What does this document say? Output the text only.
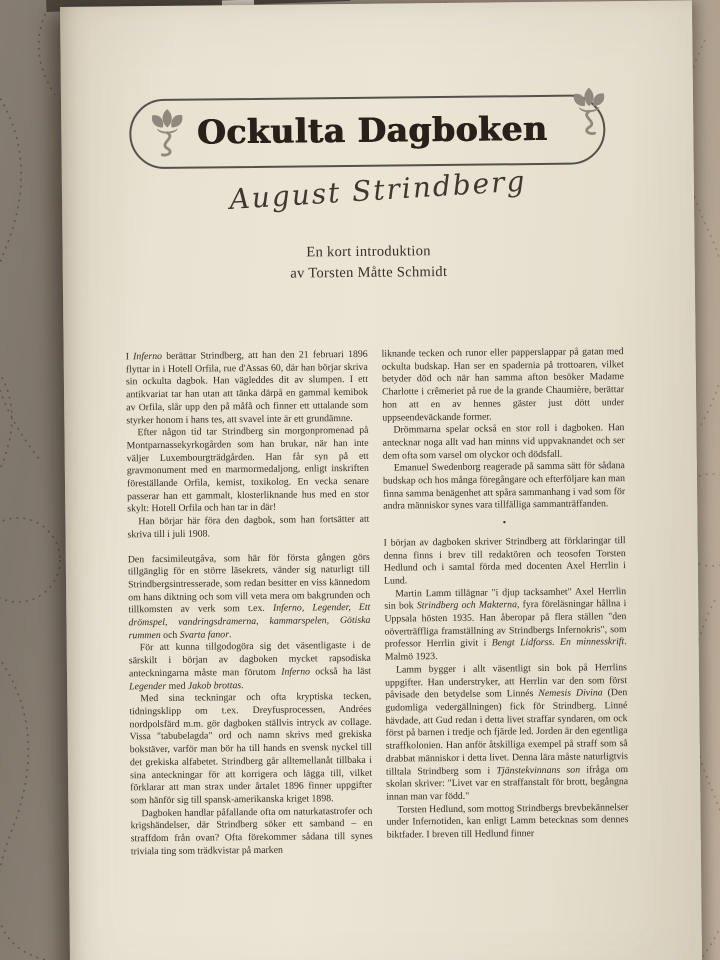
Ockulta Dagboken
August Strindberg
En kort introduktion
av Torsten Måtte Schmidt

I Inferno berättar Strindberg, att han den 21 februari 1896 flyttar in i Hotell Orfila, rue d'Assas 60, där han börjar skriva sin ockulta dagbok. Han vägleddes dit av slumpen. I ett antikvariat tar han utan att tänka därpå en gammal kemibok av Orfila, slår upp den på måfå och finner ett uttalande som styrker honom i hans tes, att svavel inte är ett grundämne.

Efter någon tid tar Strindberg sin morgonpromenad på Montparnassekyrkogården som han brukar, när han inte väljer Luxembourgträdgården. Han får syn på ett gravmonument med en marmormedaljong, enligt inskriften föreställande Orfila, kemist, toxikolog. En vecka senare passerar han ett gammalt, klosterliknande hus med en stor skylt: Hotell Orfila och han tar in där!

Han börjar här föra den dagbok, som han fortsätter att skriva till i juli 1908.

Den facsimileutgåva, som här för första gången görs tillgänglig för en större läsekrets, vänder sig naturligt till Strindbergsintresserade, som redan besitter en viss kännedom om hans diktning och som vill veta mera om bakgrunden och tillkomsten av verk som t.ex. Inferno, Legender, Ett drömspel, vandringsdramerna, kammarspelen, Götiska rummen och Svarta fanor.

För att kunna tillgodogöra sig det väsentligaste i de särskilt i början av dagboken mycket rapsodiska anteckningarna måste man förutom Inferno också ha läst Legender med Jakob brottas.

Med sina teckningar och ofta kryptiska tecken, tidningsklipp om t.ex. Dreyfusprocessen, Andrées nordpolsfärd m.m. gör dagboken ställvis intryck av collage. Vissa "tabubelagda" ord och namn skrivs med grekiska bokstäver, varför man bör ha till hands en svensk nyckel till det grekiska alfabetet. Strindberg går alltemellanåt tillbaka i sina anteckningar för att korrigera och lägga till, vilket förklarar att man strax under årtalet 1896 finner uppgifter som hänför sig till spansk-amerikanska kriget 1898.

Dagboken handlar påfallande ofta om naturkatastrofer och krigshändelser, där Strindberg söker ett samband – en straffdom från ovan? Ofta förekommer sådana till synes triviala ting som trädkvistar på marken

liknande tecken och runor eller papperslappar på gatan med ockulta budskap. Han ser en spadernia på trottoaren, vilket betyder död och när han samma afton besöker Madame Charlotte i crêmeriet på rue de la grande Chaumière, berättar hon att en av hennes gäster just dött under uppseendeväckande former.

Drömmarna spelar också en stor roll i dagboken. Han antecknar noga allt vad han minns vid uppvaknandet och ser dem ofta som varsel om olyckor och dödsfall.

Emanuel Swedenborg reagerade på samma sätt för sådana budskap och hos många föregångare och efterföljare kan man finna samma benägenhet att spåra sammanhang i vad som för andra människor synes vara tillfälliga sammanträffanden.

•

I början av dagboken skriver Strindberg att förklaringar till denna finns i brev till redaktören och teosofen Torsten Hedlund och i samtal förda med docenten Axel Herrlin i Lund.

Martin Lamm tillägnar "i djup tacksamhet" Axel Herrlin sin bok Strindberg och Makterna, fyra föreläsningar hållna i Uppsala hösten 1935. Han åberopar på flera ställen "den oöverträffliga framställning av Strindbergs Infernokris", som professor Herrlin givit i Bengt Lidforss. En minnesskrift. Malmö 1923.

Lamm bygger i allt väsentligt sin bok på Herrlins uppgifter. Han understryker, att Herrlin var den som först påvisade den betydelse som Linnés Nemesis Divina (Den gudomliga vedergällningen) fick för Strindberg. Linné hävdade, att Gud redan i detta livet straffar syndaren, om ock först på barnen i tredje och fjärde led. Jorden är den egentliga straffkolonien. Han anför åtskilliga exempel på straff som så drabbat människor i detta livet. Denna lära måste naturligtvis tilltala Strindberg som i Tjänstekvinnans son ifråga om skolan skriver: "Livet var en straffanstalt för brott, begångna innan man var född."

Torsten Hedlund, som mottog Strindbergs brevbekännelser under Infernotiden, kan enligt Lamm betecknas som dennes biktfader. I breven till Hedlund finner
